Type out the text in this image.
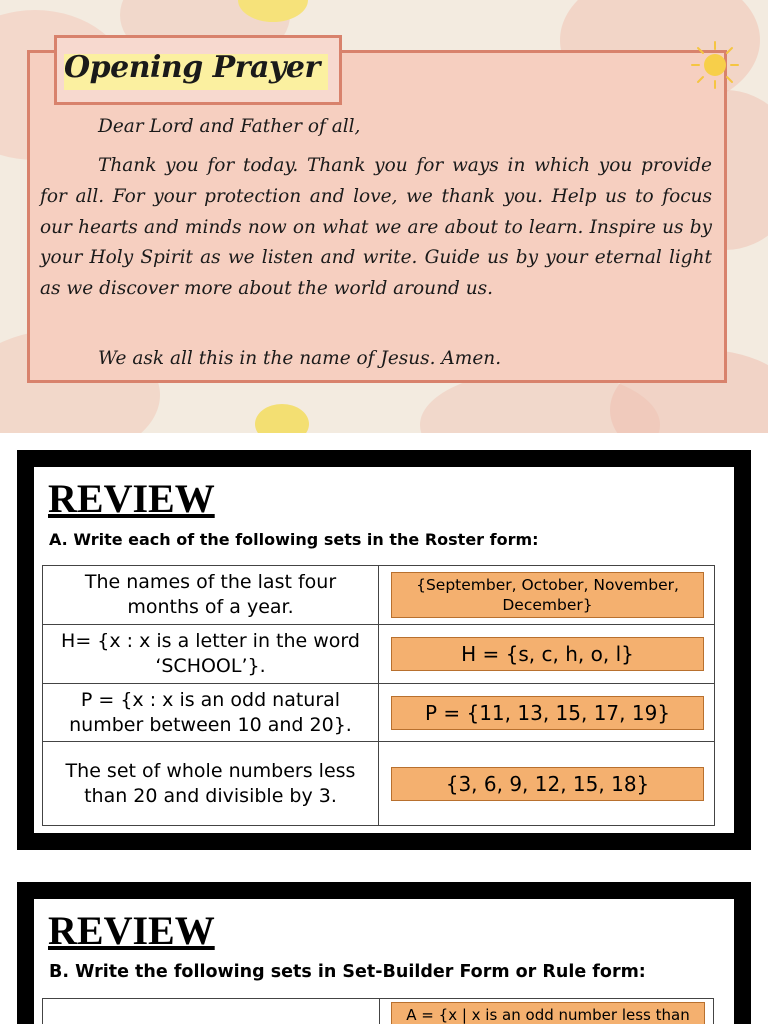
Opening Prayer

Dear Lord and Father of all,

Thank you for today. Thank you for ways in which you provide for all. For your protection and love, we thank you. Help us to focus our hearts and minds now on what we are about to learn. Inspire us by your Holy Spirit as we listen and write. Guide us by your eternal light as we discover more about the world around us.

We ask all this in the name of Jesus. Amen.

REVIEW
A. Write each of the following sets in the Roster form:
The names of the last four months of a year.	{September, October, November, December}

H= {x : x is a letter in the word ‘SCHOOL’}.	H = {s, c, h, o, l}

P = {x : x is an odd natural number between 10 and 20}.	P = {11, 13, 15, 17, 19}

The set of whole numbers less than 20 and divisible by 3.	{3, 6, 9, 12, 15, 18}
REVIEW
B. Write the following sets in Set-Builder Form or Rule form:
A = {x | x is an odd number less than
